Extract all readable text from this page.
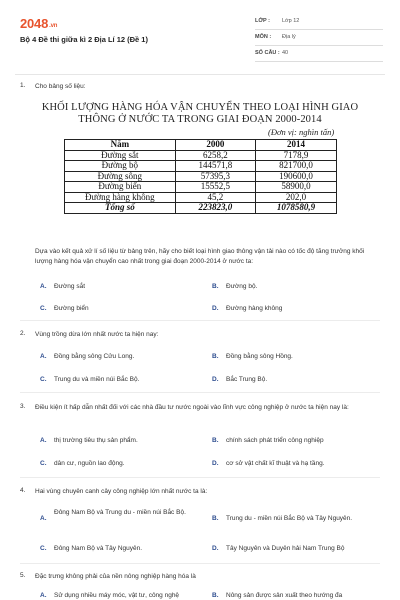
2048.vn
Bộ 4 Đề thi giữa kì 2 Địa Lí 12 (Đề 1)
LỚP : Lớp 12
MÔN : Địa lý
SỐ CÂU : 40
1. Cho bảng số liệu:
KHỐI LƯỢNG HÀNG HÓA VẬN CHUYỂN THEO LOẠI HÌNH GIAO THÔNG Ở NƯỚC TA TRONG GIAI ĐOẠN 2000-2014
(Đơn vị: nghìn tấn)
Năm	2000	2014
Đường sắt	6258,2	7178,9
Đường bộ	144571,8	821700,0
Đường sông	57395,3	190600,0
Đường biển	15552,5	58900,0
Đường hàng không	45,2	202,0
Tổng số	223823,0	1078580,9
Dựa vào kết quả xử lí số liệu từ bảng trên, hãy cho biết loại hình giao thông vận tải nào có tốc độ tăng trưởng khối lượng hàng hóa vận chuyển cao nhất trong giai đoạn 2000-2014 ở nước ta:
A. Đường sắt	B. Đường bộ.
C. Đường biển	D. Đường hàng không
2. Vùng trồng dừa lớn nhất nước ta hiện nay:
A. Đồng bằng sông Cửu Long.	B. Đồng bằng sông Hồng.
C. Trung du và miền núi Bắc Bộ.	D. Bắc Trung Bộ.
3. Điều kiện ít hấp dẫn nhất đối với các nhà đầu tư nước ngoài vào lĩnh vực công nghiệp ở nước ta hiện nay là:
A. thị trường tiêu thụ sản phẩm.	B. chính sách phát triển công nghiệp
C. dân cư, nguồn lao động.	D. cơ sở vật chất kĩ thuật và hạ tầng.
4. Hai vùng chuyên canh cây công nghiệp lớn nhất nước ta là:
A.
Đông Nam Bộ và Trung du - miền núi Bắc Bộ.
B. Trung du - miền núi Bắc Bộ và Tây Nguyên.
C. Đông Nam Bộ và Tây Nguyên.	D. Tây Nguyên và Duyên hải Nam Trung Bộ
5. Đặc trưng không phải của nền nông nghiệp hàng hóa là
A. Sử dụng nhiều máy móc, vật tư, công nghệ	B. Nông sản được sản xuất theo hướng đa
